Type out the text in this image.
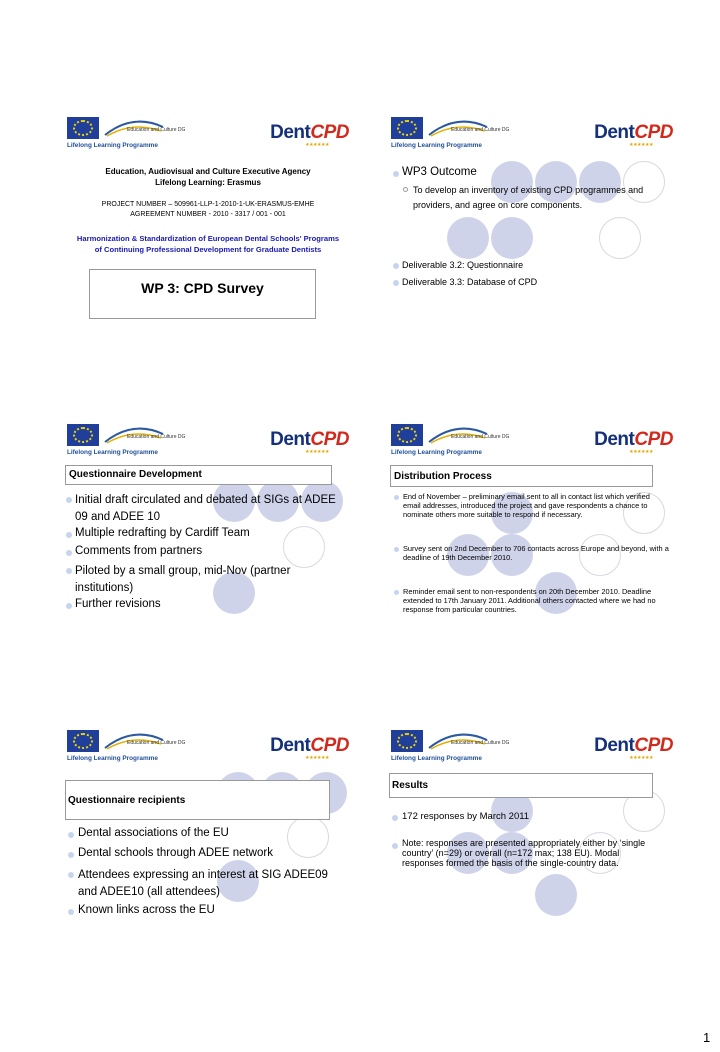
Education and Culture DG
Lifelong Learning Programme
DentCPD
★★★★★★
Education, Audiovisual and Culture Executive Agency
Lifelong Learning: Erasmus
PROJECT NUMBER – 509961-LLP-1-2010-1-UK-ERASMUS-EMHE
AGREEMENT NUMBER - 2010 - 3317 / 001 - 001
Harmonization & Standardization of European Dental Schools' Programs of Continuing Professional Development for Graduate Dentists
WP 3: CPD Survey
Education and Culture DG
Lifelong Learning Programme
DentCPD
★★★★★★
WP3 Outcome
To develop an inventory of existing CPD programmes and providers, and agree on core components.
Deliverable 3.2: Questionnaire
Deliverable 3.3: Database of CPD
Education and Culture DG
Lifelong Learning Programme
DentCPD
★★★★★★
Questionnaire Development
Initial draft circulated and debated at SIGs at ADEE 09 and ADEE 10
Multiple redrafting by Cardiff Team
Comments from partners
Piloted by a small group, mid-Nov (partner institutions)
Further revisions
Education and Culture DG
Lifelong Learning Programme
DentCPD
★★★★★★
Distribution Process
End of November – preliminary email sent to all in contact list which verified email addresses, introduced the project and gave respondents a chance to nominate others more suitable to respond if necessary.
Survey sent on 2nd December to 706 contacts across Europe and beyond, with a deadline of 19th December 2010.
Reminder email sent to non-respondents on 20th December 2010. Deadline extended to 17th January 2011. Additional others contacted where we had no response from particular countries.
Education and Culture DG
Lifelong Learning Programme
DentCPD
★★★★★★
Questionnaire recipients
Dental associations of the EU
Dental schools through ADEE network
Attendees expressing an interest at SIG ADEE09 and ADEE10 (all attendees)
Known links across the EU
Education and Culture DG
Lifelong Learning Programme
DentCPD
★★★★★★
Results
172 responses by March 2011
Note: responses are presented appropriately either by ‘single country’ (n=29) or overall (n=172 max; 138 EU). Modal responses formed the basis of the single-country data.
1
